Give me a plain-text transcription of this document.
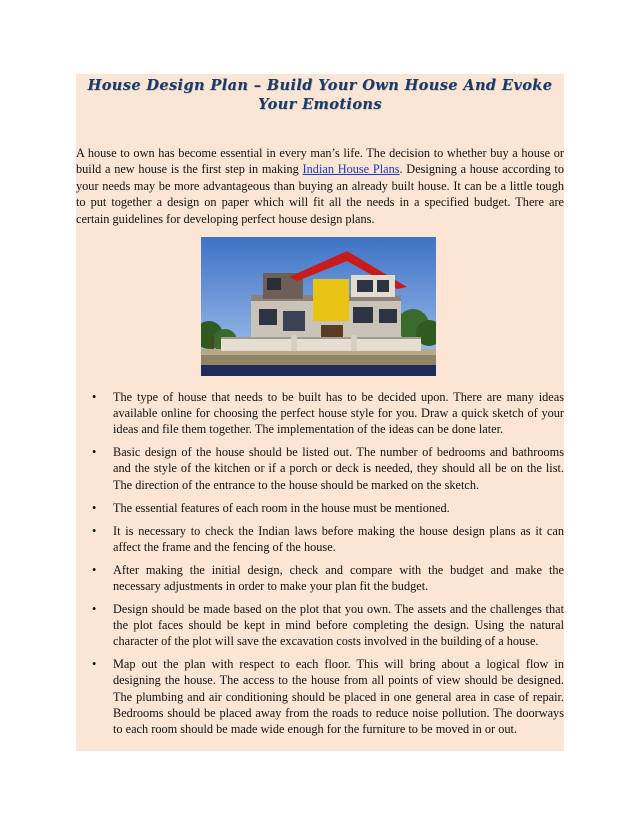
House Design Plan – Build Your Own House And Evoke Your Emotions

A house to own has become essential in every man’s life. The decision to whether buy a house or build a new house is the first step in making Indian House Plans. Designing a house according to your needs may be more advantageous than buying an already built house. It can be a little tough to put together a design on paper which will fit all the needs in a specified budget. There are certain guidelines for developing perfect house design plans.

• The type of house that needs to be built has to be decided upon. There are many ideas available online for choosing the perfect house style for you. Draw a quick sketch of your ideas and file them together. The implementation of the ideas can be done later.
• Basic design of the house should be listed out. The number of bedrooms and bathrooms and the style of the kitchen or if a porch or deck is needed, they should all be on the list. The direction of the entrance to the house should be marked on the sketch.
• The essential features of each room in the house must be mentioned.
• It is necessary to check the Indian laws before making the house design plans as it can affect the frame and the fencing of the house.
• After making the initial design, check and compare with the budget and make the necessary adjustments in order to make your plan fit the budget.
• Design should be made based on the plot that you own. The assets and the challenges that the plot faces should be kept in mind before completing the design. Using the natural character of the plot will save the excavation costs involved in the building of a house.
• Map out the plan with respect to each floor. This will bring about a logical flow in designing the house. The access to the house from all points of view should be designed. The plumbing and air conditioning should be placed in one general area in case of repair. Bedrooms should be placed away from the roads to reduce noise pollution. The doorways to each room should be made wide enough for the furniture to be moved in or out.
